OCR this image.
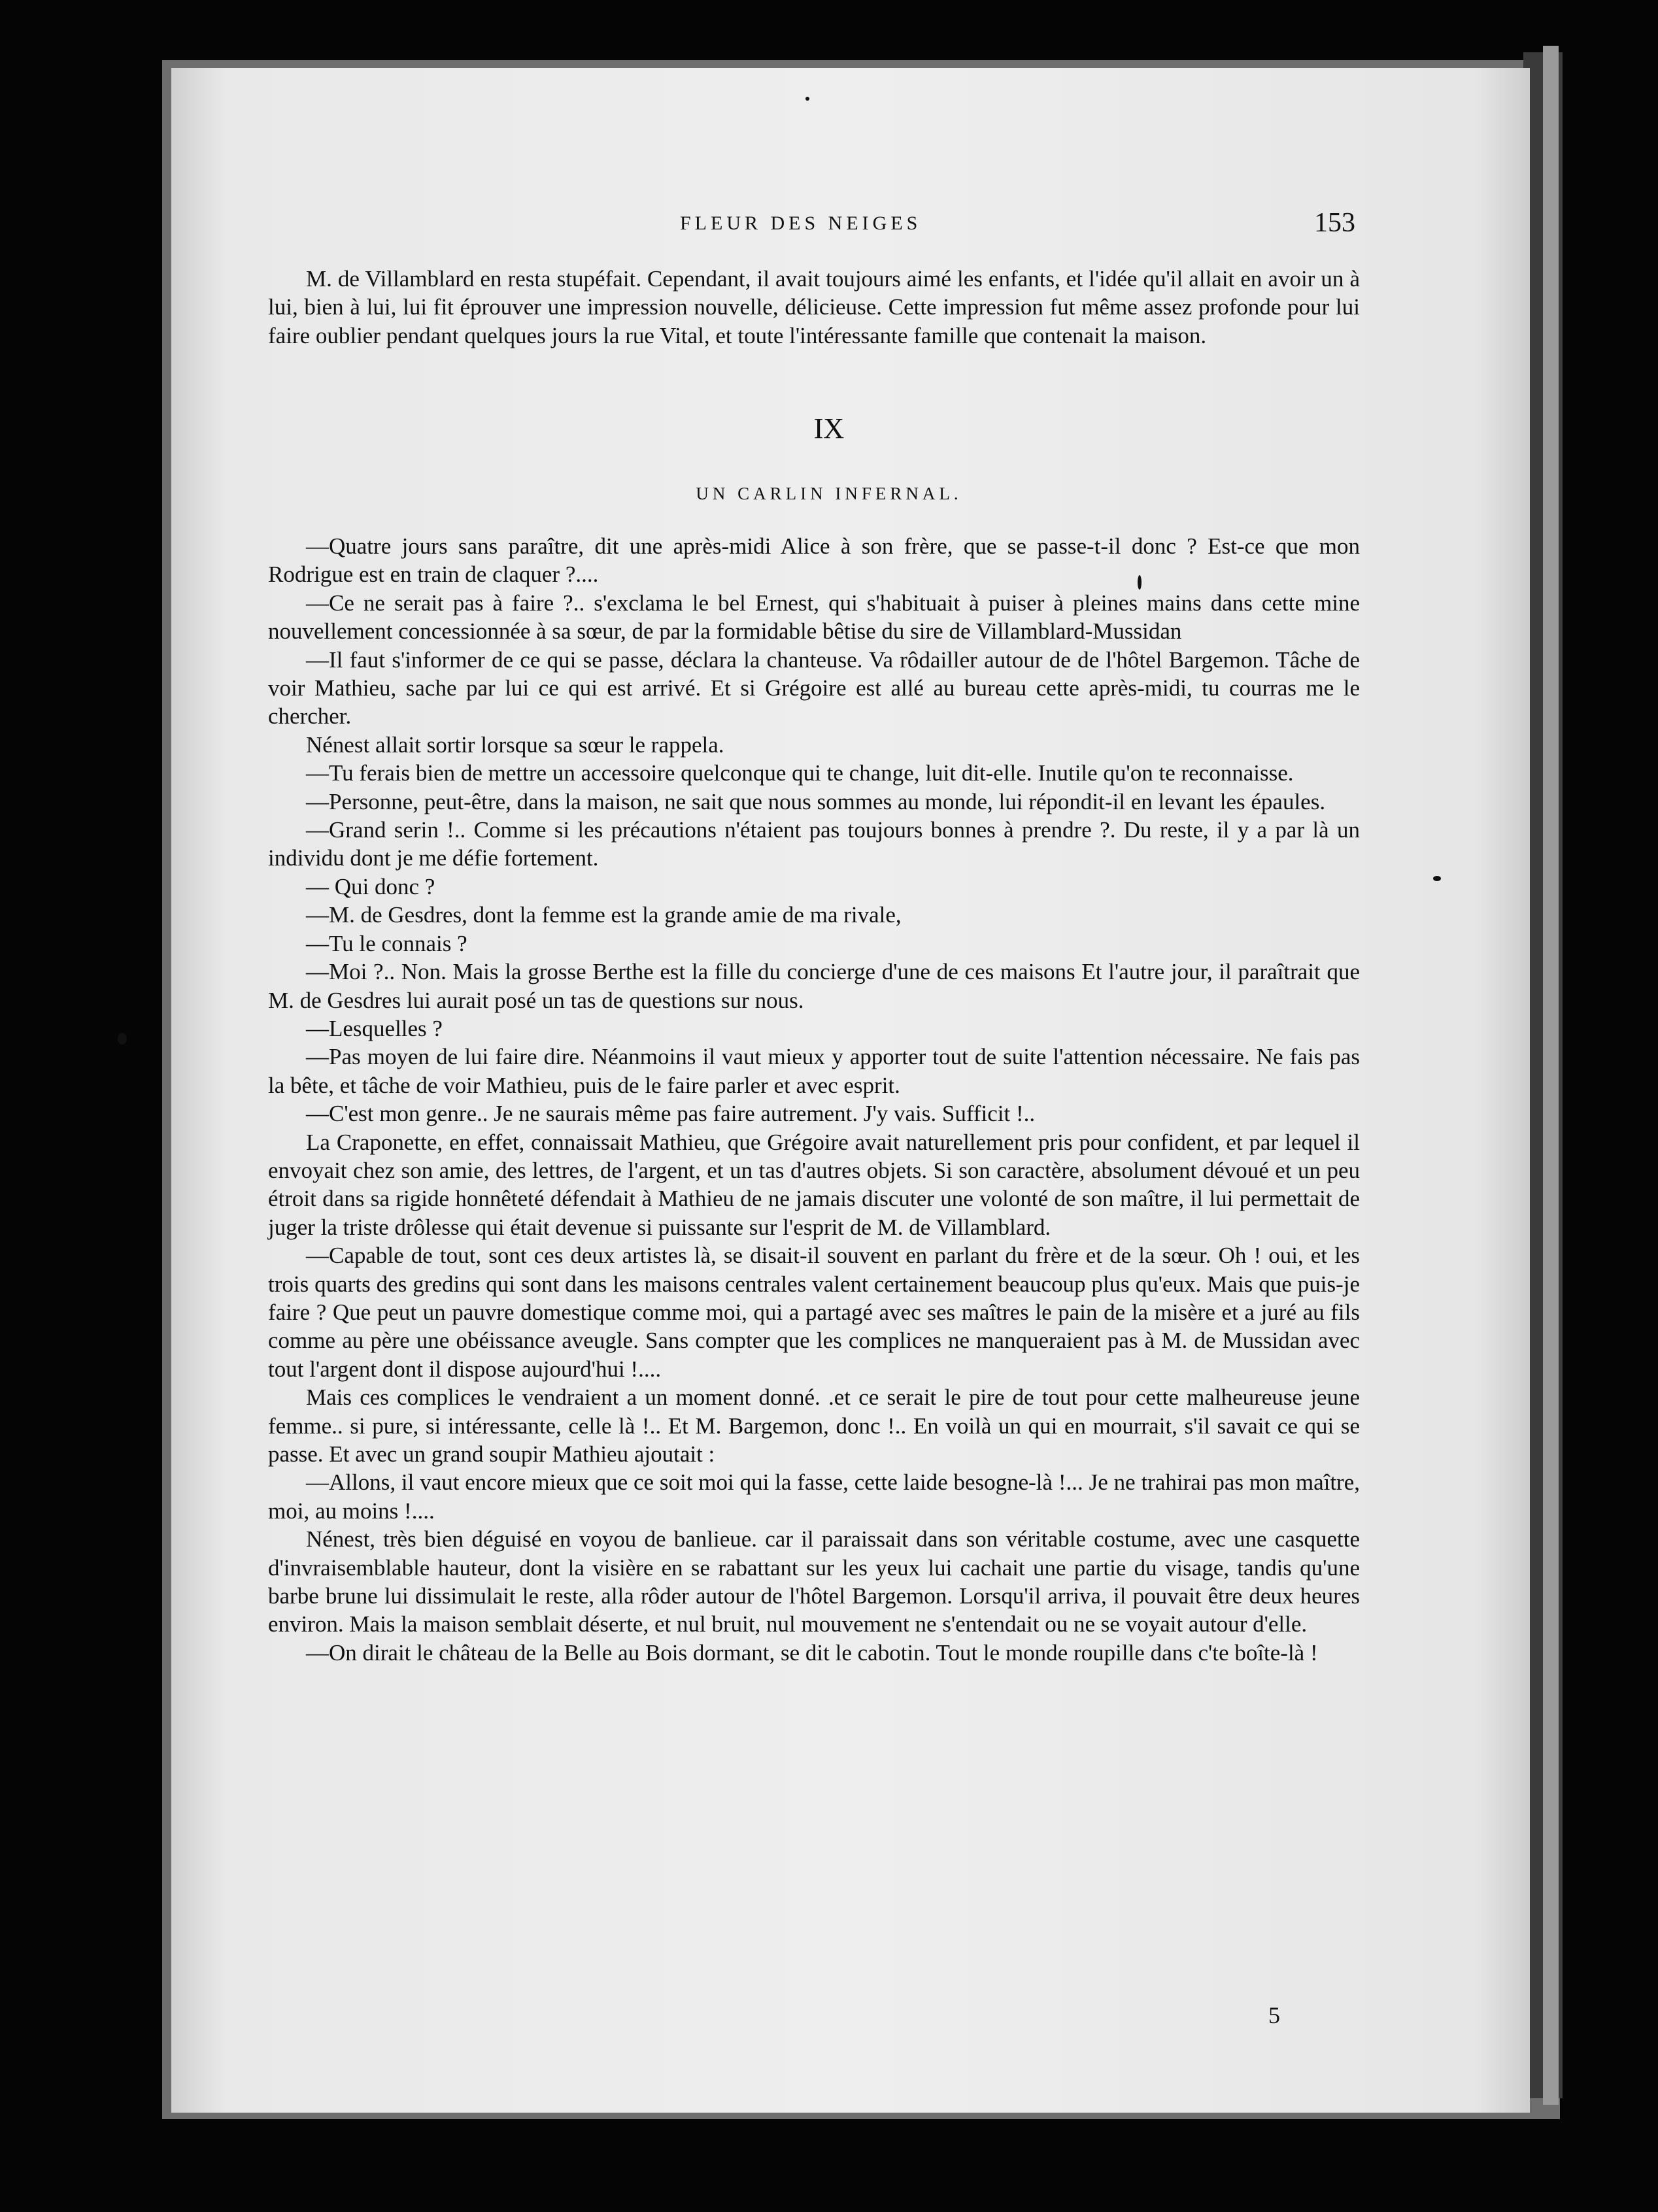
FLEUR DES NEIGES	153

M. de Villamblard en resta stupéfait. Cependant, il avait toujours aimé les enfants, et l'idée qu'il allait en avoir un à lui, bien à lui, lui fit éprouver une impression nouvelle, délicieuse. Cette impression fut même assez profonde pour lui faire oublier pendant quelques jours la rue Vital, et toute l'intéressante famille que contenait la maison.

IX
UN CARLIN INFERNAL.

—Quatre jours sans paraître, dit une après-midi Alice à son frère, que se passe-t-il donc ? Est-ce que mon Rodrigue est en train de claquer ?....

—Ce ne serait pas à faire ?.. s'exclama le bel Ernest, qui s'habituait à puiser à pleines mains dans cette mine nouvellement concessionnée à sa sœur, de par la formidable bêtise du sire de Villamblard-Mussidan

—Il faut s'informer de ce qui se passe, déclara la chanteuse. Va rôdailler autour de de l'hôtel Bargemon. Tâche de voir Mathieu, sache par lui ce qui est arrivé. Et si Grégoire est allé au bureau cette après-midi, tu courras me le chercher.

Nénest allait sortir lorsque sa sœur le rappela.

—Tu ferais bien de mettre un accessoire quelconque qui te change, luit dit-elle. Inutile qu'on te reconnaisse.

—Personne, peut-être, dans la maison, ne sait que nous sommes au monde, lui répondit-il en levant les épaules.

—Grand serin !.. Comme si les précautions n'étaient pas toujours bonnes à prendre ?. Du reste, il y a par là un individu dont je me défie fortement.

— Qui donc ?

—M. de Gesdres, dont la femme est la grande amie de ma rivale,

—Tu le connais ?

—Moi ?.. Non. Mais la grosse Berthe est la fille du concierge d'une de ces maisons Et l'autre jour, il paraîtrait que M. de Gesdres lui aurait posé un tas de questions sur nous.

—Lesquelles ?

—Pas moyen de lui faire dire. Néanmoins il vaut mieux y apporter tout de suite l'attention nécessaire. Ne fais pas la bête, et tâche de voir Mathieu, puis de le faire parler et avec esprit.

—C'est mon genre.. Je ne saurais même pas faire autrement. J'y vais. Sufficit !..

La Craponette, en effet, connaissait Mathieu, que Grégoire avait naturellement pris pour confident, et par lequel il envoyait chez son amie, des lettres, de l'argent, et un tas d'autres objets. Si son caractère, absolument dévoué et un peu étroit dans sa rigide honnêteté défendait à Mathieu de ne jamais discuter une volonté de son maître, il lui permettait de juger la triste drôlesse qui était devenue si puissante sur l'esprit de M. de Villamblard.

—Capable de tout, sont ces deux artistes là, se disait-il souvent en parlant du frère et de la sœur. Oh ! oui, et les trois quarts des gredins qui sont dans les maisons centrales valent certainement beaucoup plus qu'eux. Mais que puis-je faire ? Que peut un pauvre domestique comme moi, qui a partagé avec ses maîtres le pain de la misère et a juré au fils comme au père une obéissance aveugle. Sans compter que les complices ne manqueraient pas à M. de Mussidan avec tout l'argent dont il dispose aujourd'hui !....

Mais ces complices le vendraient a un moment donné. .et ce serait le pire de tout pour cette malheureuse jeune femme.. si pure, si intéressante, celle là !.. Et M. Bargemon, donc !.. En voilà un qui en mourrait, s'il savait ce qui se passe. Et avec un grand soupir Mathieu ajoutait :

—Allons, il vaut encore mieux que ce soit moi qui la fasse, cette laide besogne-là !... Je ne trahirai pas mon maître, moi, au moins !....

Nénest, très bien déguisé en voyou de banlieue. car il paraissait dans son véritable costume, avec une casquette d'invraisemblable hauteur, dont la visière en se rabattant sur les yeux lui cachait une partie du visage, tandis qu'une barbe brune lui dissimulait le reste, alla rôder autour de l'hôtel Bargemon. Lorsqu'il arriva, il pouvait être deux heures environ. Mais la maison semblait déserte, et nul bruit, nul mouvement ne s'entendait ou ne se voyait autour d'elle.

—On dirait le château de la Belle au Bois dormant, se dit le cabotin. Tout le monde roupille dans c'te boîte-là !

5
